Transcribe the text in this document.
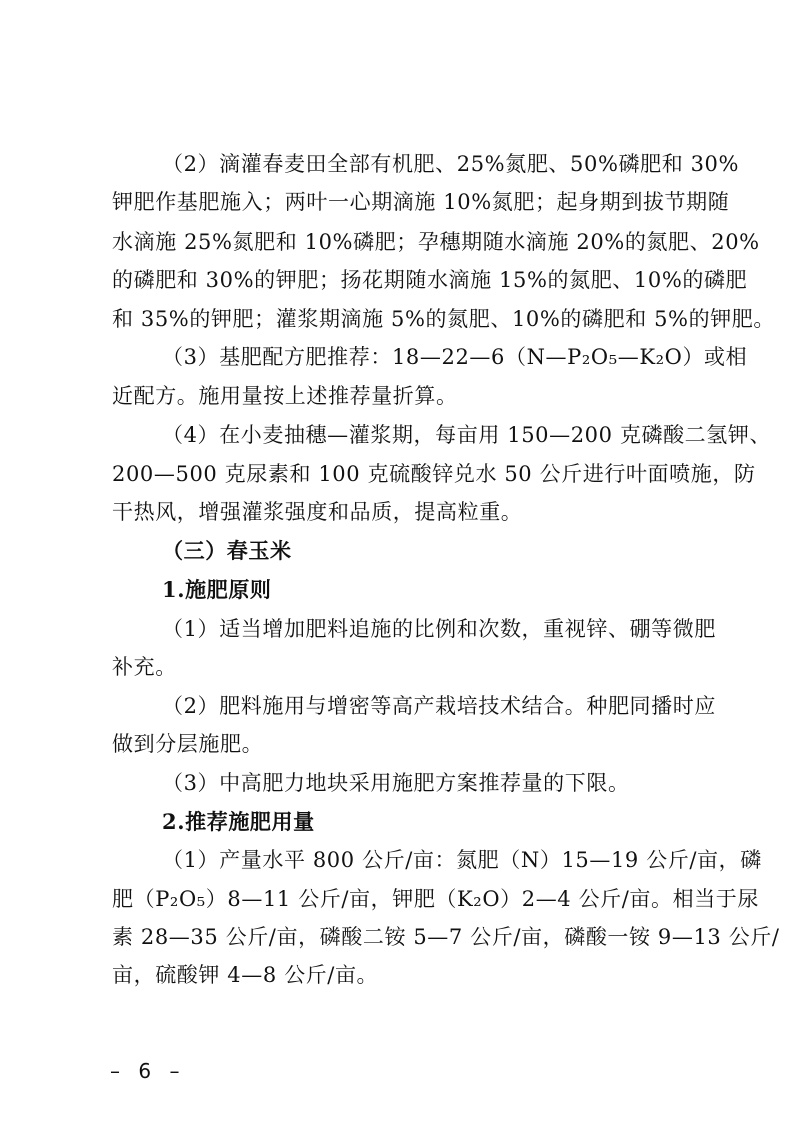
（2）滴灌春麦田全部有机肥、25%氮肥、50%磷肥和 30%
钾肥作基肥施入；两叶一心期滴施 10%氮肥；起身期到拔节期随
水滴施 25%氮肥和 10%磷肥；孕穗期随水滴施 20%的氮肥、20%
的磷肥和 30%的钾肥；扬花期随水滴施 15%的氮肥、10%的磷肥
和 35%的钾肥；灌浆期滴施 5%的氮肥、10%的磷肥和 5%的钾肥。
（3）基肥配方肥推荐：18—22—6（N—P₂O₅—K₂O）或相
近配方。施用量按上述推荐量折算。
（4）在小麦抽穗—灌浆期，每亩用 150—200 克磷酸二氢钾、
200—500 克尿素和 100 克硫酸锌兑水 50 公斤进行叶面喷施，防
干热风，增强灌浆强度和品质，提高粒重。
（三）春玉米
1.施肥原则
（1）适当增加肥料追施的比例和次数，重视锌、硼等微肥
补充。
（2）肥料施用与增密等高产栽培技术结合。种肥同播时应
做到分层施肥。
（3）中高肥力地块采用施肥方案推荐量的下限。
2.推荐施肥用量
（1）产量水平 800 公斤/亩：氮肥（N）15—19 公斤/亩，磷
肥（P₂O₅）8—11 公斤/亩，钾肥（K₂O）2—4 公斤/亩。相当于尿
素 28—35 公斤/亩，磷酸二铵 5—7 公斤/亩，磷酸一铵 9—13 公斤/
亩，硫酸钾 4—8 公斤/亩。
– 6 –
